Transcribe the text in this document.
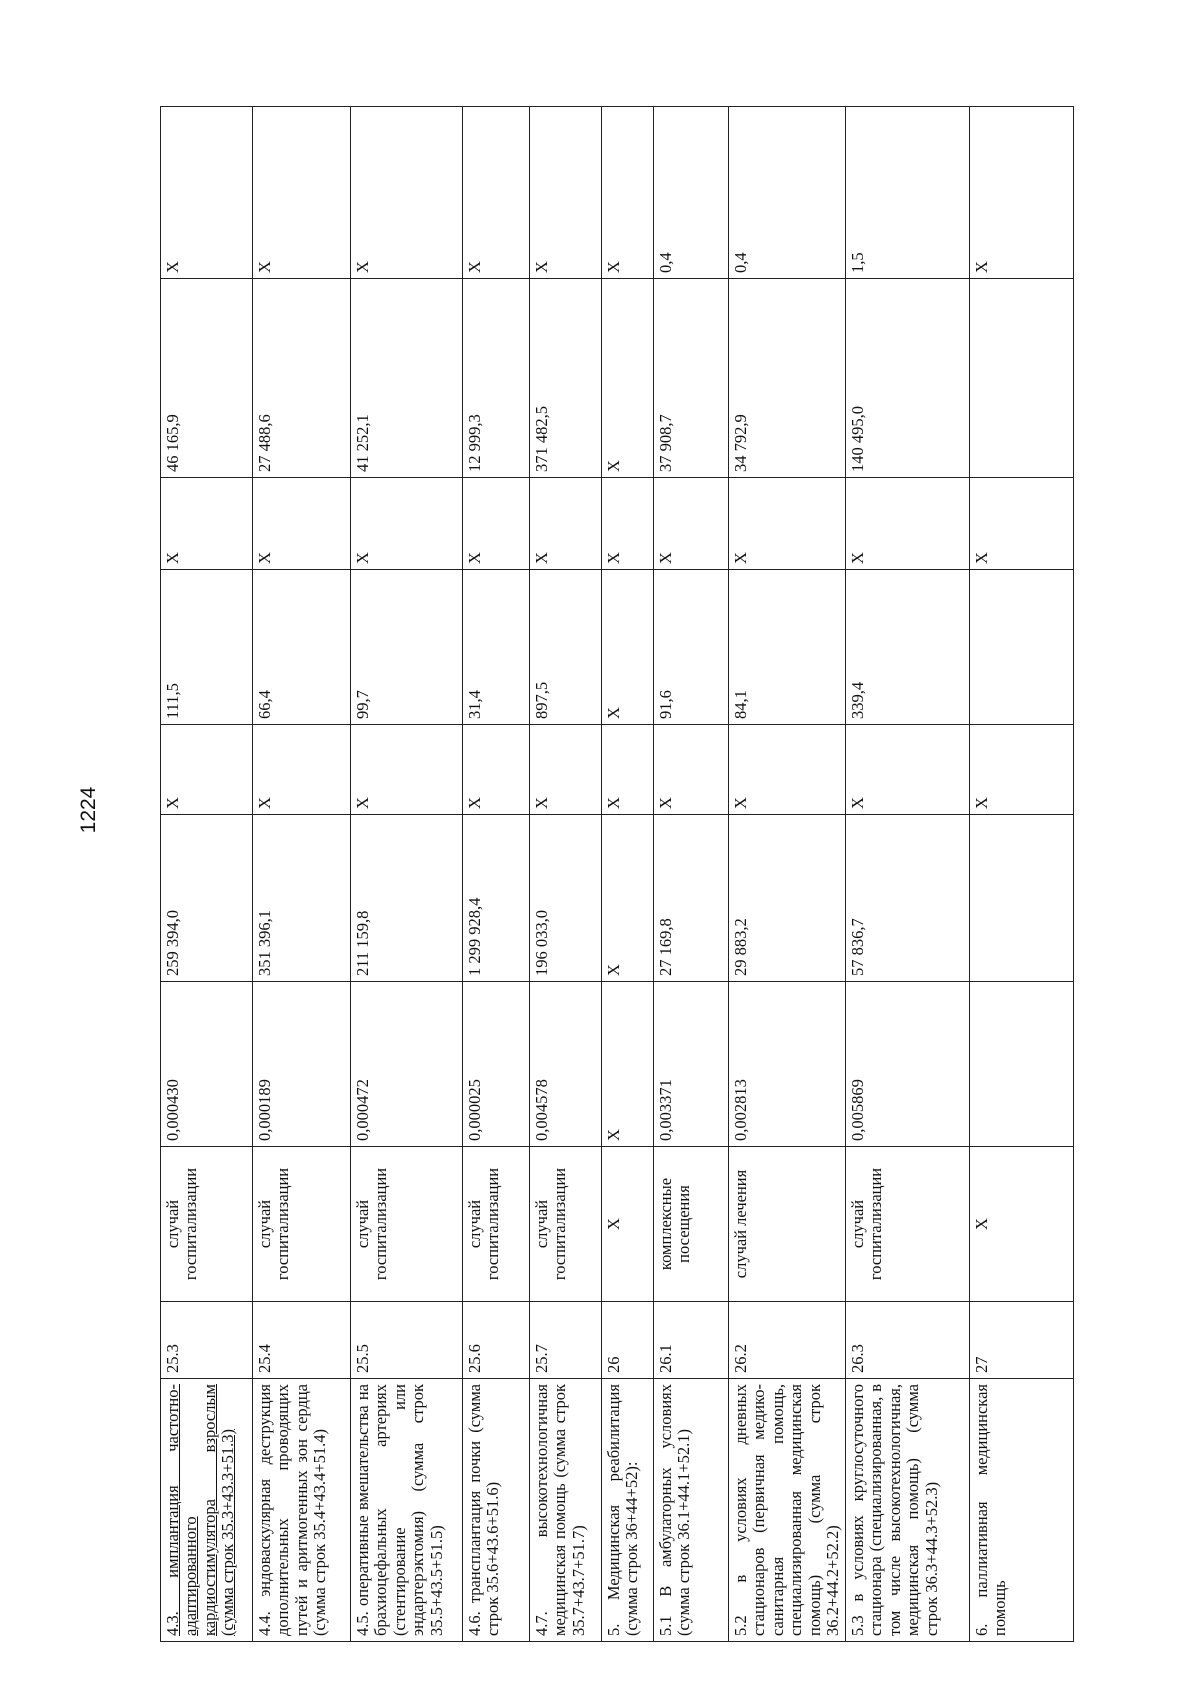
1224
4.3. имплантация частотно-адаптированного кардиостимулятора взрослым (сумма строк 35.3+43.3+51.3)	25.3	случай госпитализации	0,000430	259 394,0	X	111,5	X	46 165,9	X
4.4. эндоваскулярная деструкция дополнительных проводящих путей и аритмогенных зон сердца (сумма строк 35.4+43.4+51.4)	25.4	случай госпитализации	0,000189	351 396,1	X	66,4	X	27 488,6	X
4.5. оперативные вмешательства на брахиоцефальных артериях (стентирование или эндартерэктомия) (сумма строк 35.5+43.5+51.5)	25.5	случай госпитализации	0,000472	211 159,8	X	99,7	X	41 252,1	X
4.6. трансплантация почки (сумма строк 35.6+43.6+51.6)	25.6	случай госпитализации	0,000025	1 299 928,4	X	31,4	X	12 999,3	X
4.7. высокотехнологичная медицинская помощь (сумма строк 35.7+43.7+51.7)	25.7	случай госпитализации	0,004578	196 033,0	X	897,5	X	371 482,5	X
5. Медицинская реабилитация (сумма строк 36+44+52):	26	X	X	X	X	X	X	X	X
5.1 В амбулаторных условиях (сумма строк 36.1+44.1+52.1)	26.1	комплексные посещения	0,003371	27 169,8	X	91,6	X	37 908,7	0,4
5.2 в условиях дневных стационаров (первичная медико-санитарная помощь, специализированная медицинская помощь) (сумма строк 36.2+44.2+52.2)	26.2	случай лечения	0,002813	29 883,2	X	84,1	X	34 792,9	0,4
5.3 в условиях круглосуточного стационара (специализированная, в том числе высокотехнологичная, медицинская помощь) (сумма строк 36.3+44.3+52.3)	26.3	случай госпитализации	0,005869	57 836,7	X	339,4	X	140 495,0	1,5
6. паллиативная медицинская помощь	27	X			X		X		X
